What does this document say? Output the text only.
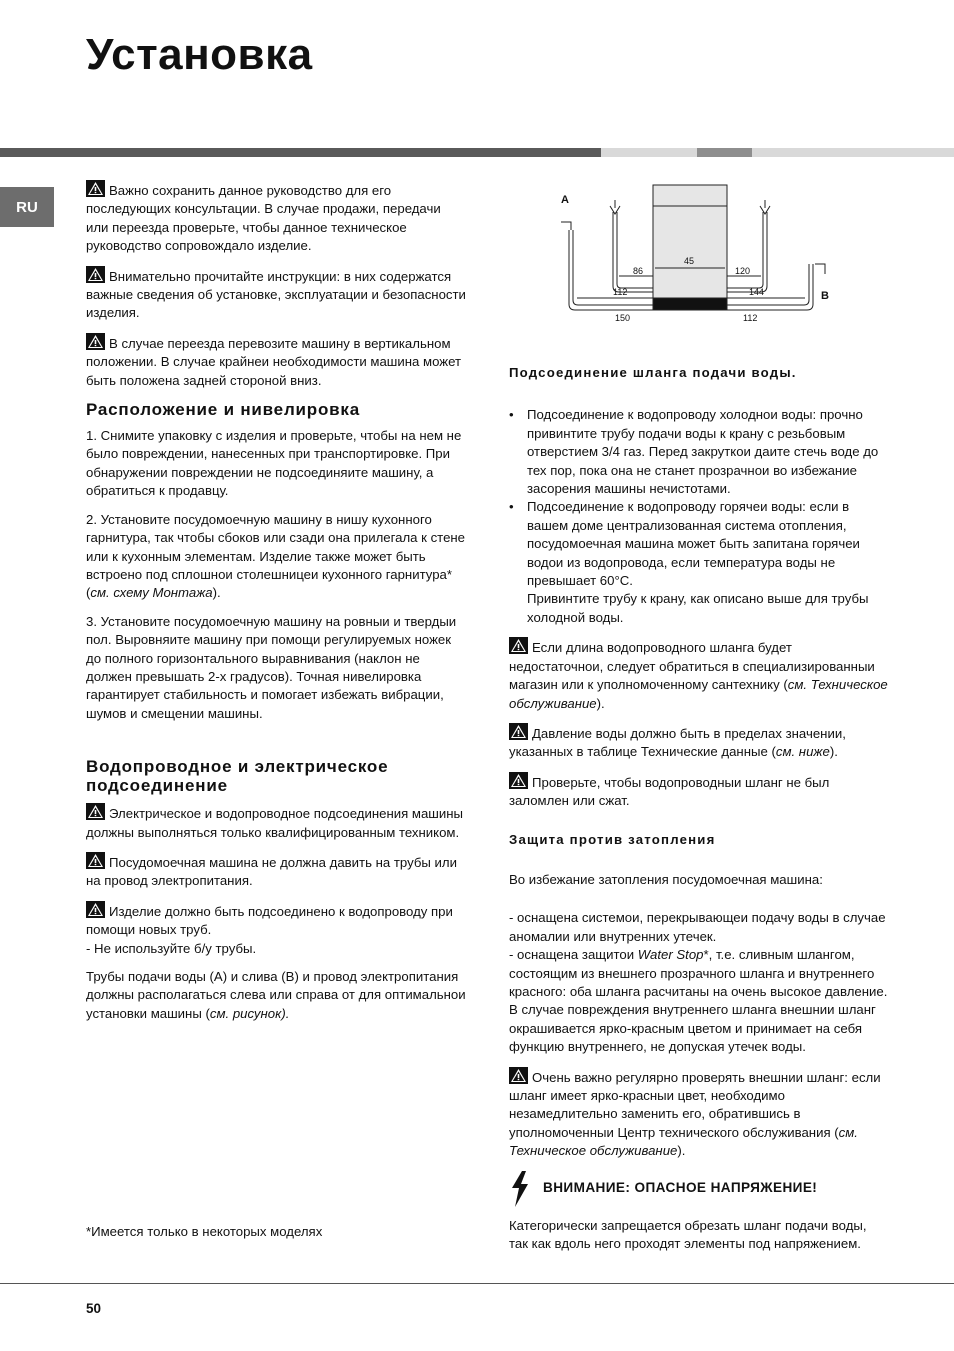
Установка
RU

Важно сохранить данное руководство для его последующих консультации. В случае продажи, передачи или переезда проверьте, чтобы данное техническое руководство сопровождало изделие.

Внимательно прочитайте инструкции: в них содержатся важные сведения об установке, эксплуатации и безопасности изделия.

В случае переезда перевозите машину в вертикальном положении. В случае крайнеи необходимости машина может быть положена задней стороной вниз.

Расположение и нивелировка

1. Снимите упаковку с изделия и проверьте, чтобы на нем не было повреждении, нанесенных при транспортировке. При обнаружении повреждении не подсоединяите машину, а обратиться к продавцу.

2. Установите посудомоечную машину в нишу кухонного гарнитура, так чтобы сбоков или сзади она прилегала к стене или к кухонным элементам. Изделие также может быть встроено под сплошнои столешницеи кухонного гарнитура* (см. схему Монтажа).

3. Установите посудомоечную машину на ровныи и твердыи пол. Выровняите машину при помощи регулируемых ножек до полного горизонтального выравнивания (наклон не должен превышать 2-х градусов). Точная нивелировка гарантирует стабильность и помогает избежать вибрации, шумов и смещении машины.

Водопроводное и электрическое подсоединение

Электрическое и водопроводное подсоединения машины должны выполняться только квалифицированным техником.

Посудомоечная машина не должна давить на трубы или на провод электропитания.

Изделие должно быть подсоединено к водопроводу при помощи новых труб.
- Не используйте б/у трубы.

Трубы подачи воды (A) и слива (B) и провод электропитания должны располагаться слева или справа от для оптимальнои установки машины (см. рисунок).

A
B
45
86	120
112	144
150	112
Подсоединение шланга подачи воды.
• Подсоединение к водопроводу холоднои воды: прочно привинтите трубу подачи воды к крану с резьбовым отверстием 3/4 газ. Перед закруткои даите стечь воде до тех пор, пока она не станет прозрачнои во избежание засорения машины нечистотами.
• Подсоединение к водопроводу горячеи воды: если в вашем доме централизованная система отопления, посудомоечная машина может быть запитана горячеи водои из водопровода, если температура воды не превышает 60°C.
Привинтите трубу к крану, как описано выше для трубы холодной воды.

Если длина водопроводного шланга будет недостаточнои, следует обратиться в специализированныи магазин или к уполномоченному сантехнику (см. Техническое обслуживание).

Давление воды должно быть в пределах значении, указанных в таблице Технические данные (см. ниже).

Проверьте, чтобы водопроводныи шланг не был заломлен или сжат.

Защита против затопления

Во избежание затопления посудомоечная машина:

- оснащена системои, перекрывающеи подачу воды в случае аномалии или внутренних утечек.

- оснащена защитои Water Stop*, т.е. сливным шлангом, состоящим из внешнего прозрачного шланга и внутреннего красного: оба шланга расчитаны на очень высокое давление. В случае повреждения внутреннего шланга внешнии шланг окрашивается ярко-красным цветом и принимает на себя функцию внутреннего, не допуская утечек воды.

Очень важно регулярно проверять внешнии шланг: если шланг имеет ярко-красныи цвет, необходимо незамедлительно заменить его, обратившись в уполномоченныи Центр технического обслуживания (см. Техническое обслуживание).

ВНИМАНИЕ: ОПАСНОЕ НАПРЯЖЕНИЕ!

Категорически запрещается обрезать шланг подачи воды, так как вдоль него проходят элементы под напряжением.

*Имеется только в некоторых моделях
50
